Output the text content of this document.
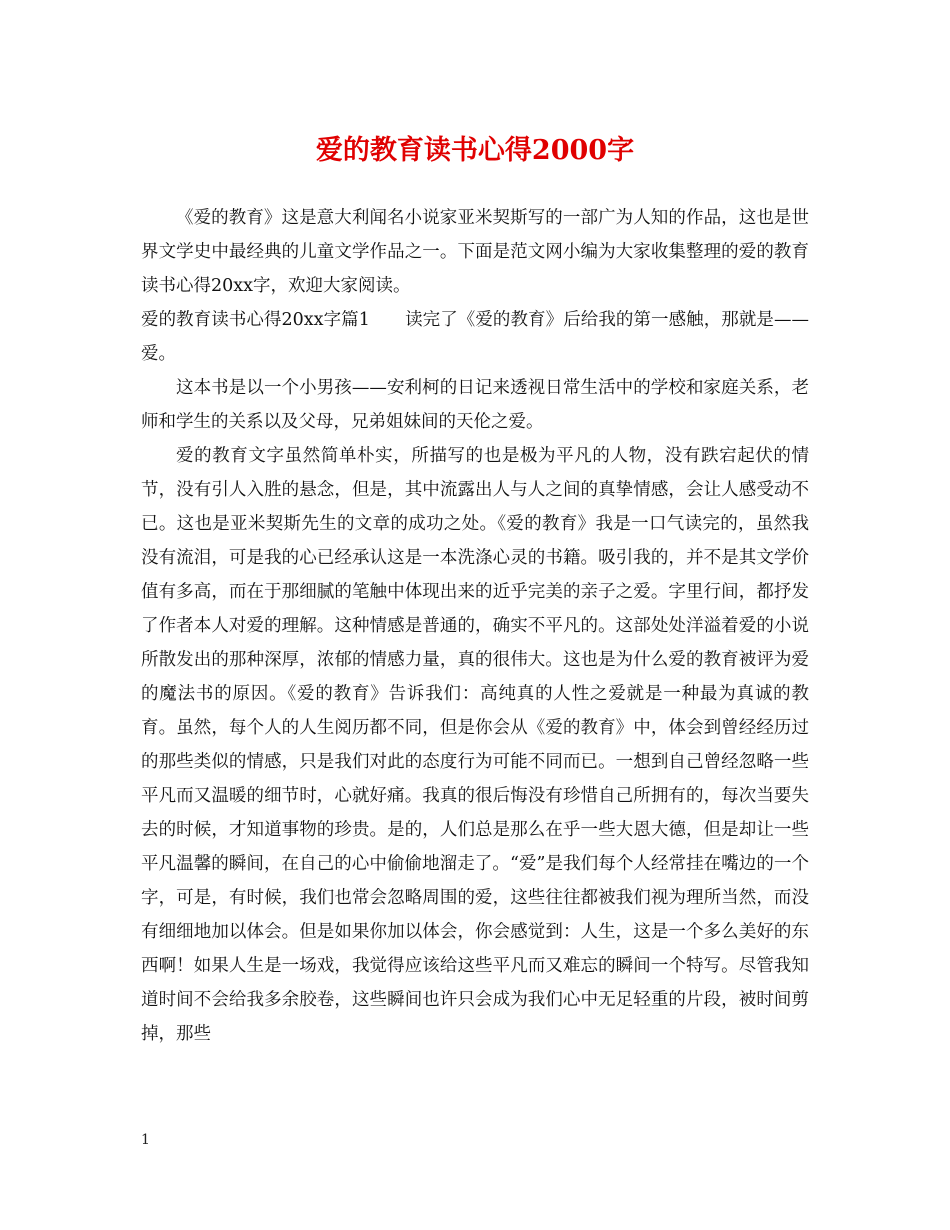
爱的教育读书心得2000字

《爱的教育》这是意大利闻名小说家亚米契斯写的一部广为人知的作品，这也是世界文学史中最经典的儿童文学作品之一。下面是范文网小编为大家收集整理的爱的教育读书心得20xx字，欢迎大家阅读。

爱的教育读书心得20xx字篇1　　读完了《爱的教育》后给我的第一感触，那就是——爱。

这本书是以一个小男孩——安利柯的日记来透视日常生活中的学校和家庭关系，老师和学生的关系以及父母，兄弟姐妹间的天伦之爱。

爱的教育文字虽然简单朴实，所描写的也是极为平凡的人物，没有跌宕起伏的情节，没有引人入胜的悬念，但是，其中流露出人与人之间的真挚情感，会让人感受动不已。这也是亚米契斯先生的文章的成功之处。《爱的教育》我是一口气读完的，虽然我没有流泪，可是我的心已经承认这是一本洗涤心灵的书籍。吸引我的，并不是其文学价值有多高，而在于那细腻的笔触中体现出来的近乎完美的亲子之爱。字里行间，都抒发了作者本人对爱的理解。这种情感是普通的，确实不平凡的。这部处处洋溢着爱的小说所散发出的那种深厚，浓郁的情感力量，真的很伟大。这也是为什么爱的教育被评为爱的魔法书的原因。《爱的教育》告诉我们：高纯真的人性之爱就是一种最为真诚的教育。虽然，每个人的人生阅历都不同，但是你会从《爱的教育》中，体会到曾经经历过的那些类似的情感，只是我们对此的态度行为可能不同而已。一想到自己曾经忽略一些平凡而又温暖的细节时，心就好痛。我真的很后悔没有珍惜自己所拥有的，每次当要失去的时候，才知道事物的珍贵。是的，人们总是那么在乎一些大恩大德，但是却让一些平凡温馨的瞬间，在自己的心中偷偷地溜走了。“爱”是我们每个人经常挂在嘴边的一个字，可是，有时候，我们也常会忽略周围的爱，这些往往都被我们视为理所当然，而没有细细地加以体会。但是如果你加以体会，你会感觉到：人生，这是一个多么美好的东西啊！如果人生是一场戏，我觉得应该给这些平凡而又难忘的瞬间一个特写。尽管我知道时间不会给我多余胶卷，这些瞬间也许只会成为我们心中无足轻重的片段，被时间剪掉，那些

1
